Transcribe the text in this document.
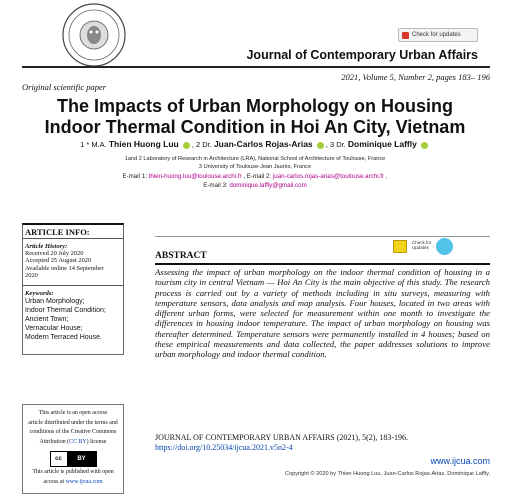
Check for updates
Journal of Contemporary Urban Affairs
2021, Volume 5, Number 2, pages 183– 196
Original scientific paper
The Impacts of Urban Morphology on Housing
Indoor Thermal Condition in Hoi An City, Vietnam
1 * M.A. Thien Huong Luu , 2 Dr. Juan-Carlos Rojas-Arias , 3 Dr. Dominique Laffly
1and 2 Laboratory of Research in Architecture (LRA), National School of Architecture of Toulouse, France
3 University of Toulouse-Jean Jaurès, France
E-mail 1: thien-huong.luu@toulouse.archi.fr , E-mail 2: juan-carlos.rojas-arias@toulouse.archi.fr ,
E-mail 3: dominique.laffly@gmail.com
ARTICLE INFO:
Article History:
Received 20 July 2020
Accepted 25 August 2020
Available online 14 September
2020
Keywords:
Urban Morphology;
Indoor Thermal Condition;
Ancient Town;
Vernacular House;
Modern Terraced House.
This article is an open access
article distributed under the terms and
conditions of the Creative Commons
Attribution (CC BY) license
cc	BY
This article is published with open
access at www.ijcua.com
ABSTRACT
Check for
Updates
Assessing the impact of urban morphology on the indoor thermal condition of housing in a tourism city in central Vietnam — Hoi An City is the main objective of this study. The research process is carried out by a variety of methods including in situ surveys, measuring with temperature sensors, data analysis and map analysis. Four houses, located in two areas with different urban forms, were selected for measurement within one month to investigate the differences in housing indoor temperature. The impact of urban morphology on housing was thereafter determined. Temperature sensors were permanently installed in 4 houses; based on these empirical measurements and data collected, the paper addresses solutions to improve urban morphology and indoor thermal condition.
JOURNAL OF CONTEMPORARY URBAN AFFAIRS (2021), 5(2), 183-196.
https://doi.org/10.25034/ijcua.2021.v5n2-4
www.ijcua.com
Copyright © 2020 by Thien Huong Luu, Juan-Carlos Rojas-Arias, Dominique Laffly.
